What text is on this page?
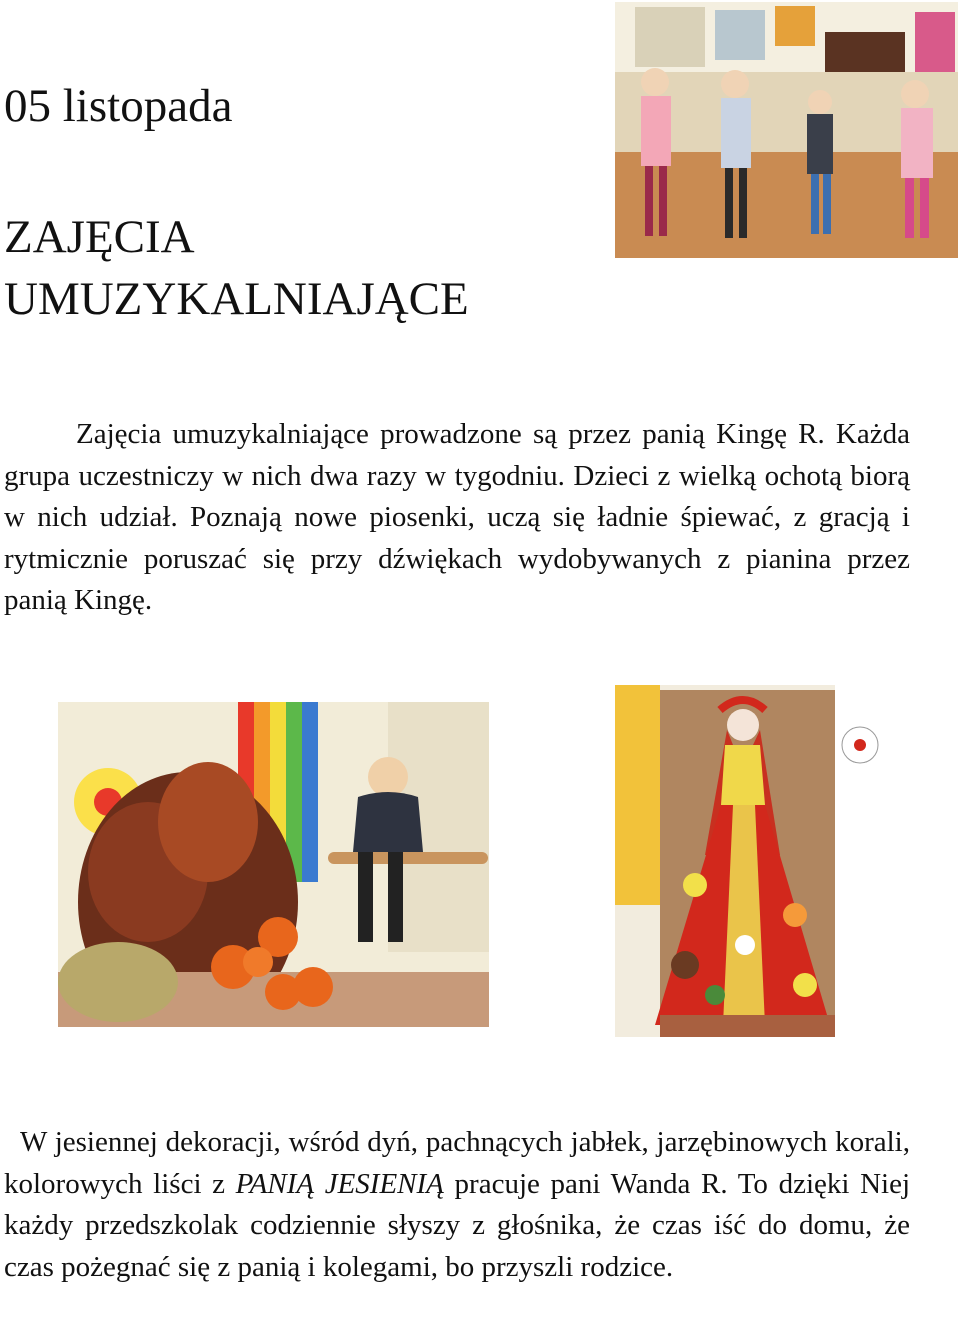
05 listopada
ZAJĘCIA
UMUZYKALNIAJĄCE
Zajęcia umuzykalniające prowadzone są przez panią Kingę R. Każda grupa uczestniczy w nich dwa razy w tygodniu. Dzieci z wielką ochotą biorą w nich udział. Poznają nowe piosenki, uczą się ładnie śpiewać, z gracją i rytmicznie poruszać się przy dźwiękach wydobywanych z pianina przez panią Kingę.
W jesiennej dekoracji, wśród dyń, pachnących jabłek, jarzębinowych korali, kolorowych liści z PANIĄ JESIENIĄ pracuje pani Wanda R. To dzięki Niej każdy przedszkolak codziennie słyszy z głośnika, że czas iść do domu, że czas pożegnać się z panią i kolegami, bo przyszli rodzice.
